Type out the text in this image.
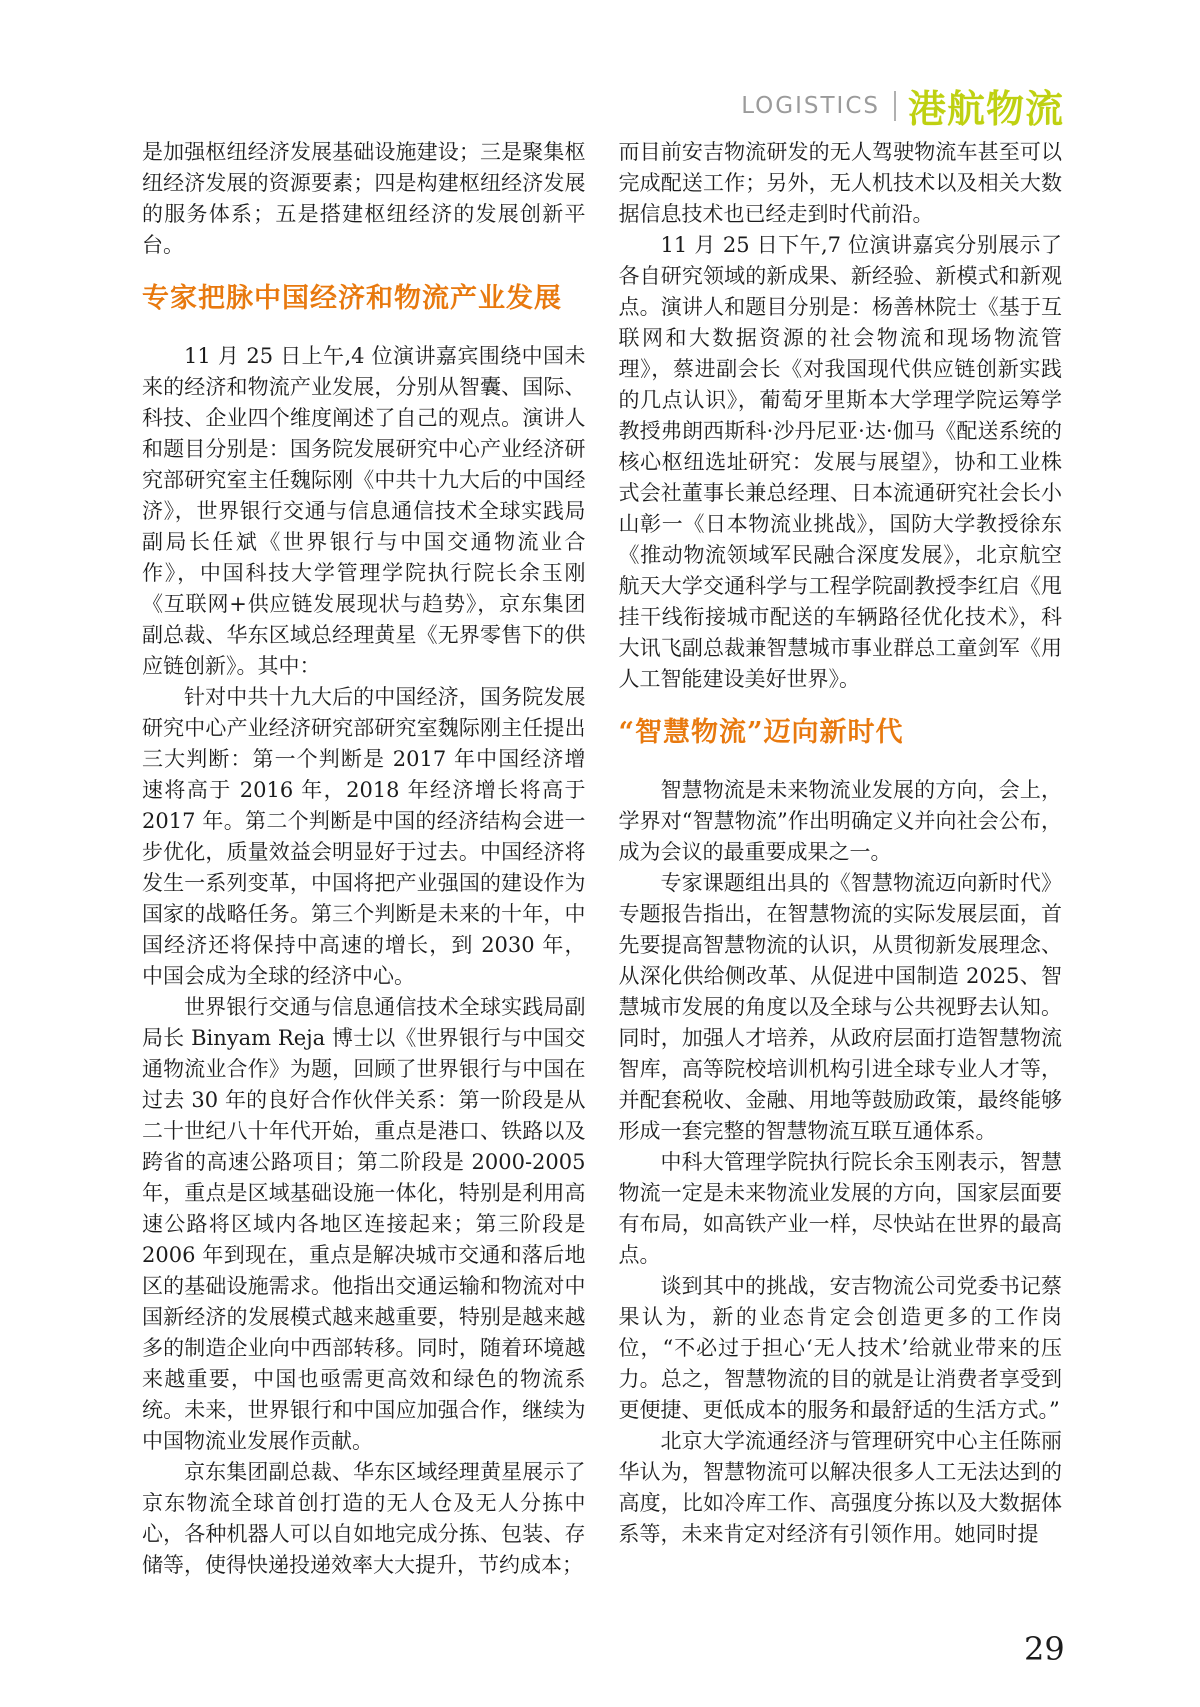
LOGISTICS 港航物流

是加强枢纽经济发展基础设施建设；三是聚集枢纽经济发展的资源要素；四是构建枢纽经济发展的服务体系；五是搭建枢纽经济的发展创新平台。

专家把脉中国经济和物流产业发展

11 月 25 日上午,4 位演讲嘉宾围绕中国未来的经济和物流产业发展，分别从智囊、国际、科技、企业四个维度阐述了自己的观点。演讲人和题目分别是：国务院发展研究中心产业经济研究部研究室主任魏际刚《中共十九大后的中国经济》，世界银行交通与信息通信技术全球实践局副局长任斌《世界银行与中国交通物流业合作》，中国科技大学管理学院执行院长余玉刚《互联网+供应链发展现状与趋势》，京东集团副总裁、华东区域总经理黄星《无界零售下的供应链创新》。其中：

针对中共十九大后的中国经济，国务院发展研究中心产业经济研究部研究室魏际刚主任提出三大判断：第一个判断是 2017 年中国经济增速将高于 2016 年，2018 年经济增长将高于 2017 年。第二个判断是中国的经济结构会进一步优化，质量效益会明显好于过去。中国经济将发生一系列变革，中国将把产业强国的建设作为国家的战略任务。第三个判断是未来的十年，中国经济还将保持中高速的增长，到 2030 年，中国会成为全球的经济中心。

世界银行交通与信息通信技术全球实践局副局长 Binyam Reja 博士以《世界银行与中国交通物流业合作》为题，回顾了世界银行与中国在过去 30 年的良好合作伙伴关系：第一阶段是从二十世纪八十年代开始，重点是港口、铁路以及跨省的高速公路项目；第二阶段是 2000-2005 年，重点是区域基础设施一体化，特别是利用高速公路将区域内各地区连接起来；第三阶段是 2006 年到现在，重点是解决城市交通和落后地区的基础设施需求。他指出交通运输和物流对中国新经济的发展模式越来越重要，特别是越来越多的制造企业向中西部转移。同时，随着环境越来越重要，中国也亟需更高效和绿色的物流系统。未来，世界银行和中国应加强合作，继续为中国物流业发展作贡献。

京东集团副总裁、华东区域经理黄星展示了京东物流全球首创打造的无人仓及无人分拣中心，各种机器人可以自如地完成分拣、包装、存储等，使得快递投递效率大大提升，节约成本；

而目前安吉物流研发的无人驾驶物流车甚至可以完成配送工作；另外，无人机技术以及相关大数据信息技术也已经走到时代前沿。

11 月 25 日下午,7 位演讲嘉宾分别展示了各自研究领域的新成果、新经验、新模式和新观点。演讲人和题目分别是：杨善林院士《基于互联网和大数据资源的社会物流和现场物流管理》，蔡进副会长《对我国现代供应链创新实践的几点认识》，葡萄牙里斯本大学理学院运筹学教授弗朗西斯科·沙丹尼亚·达·伽马《配送系统的核心枢纽选址研究：发展与展望》，协和工业株式会社董事长兼总经理、日本流通研究社会长小山彰一《日本物流业挑战》，国防大学教授徐东《推动物流领域军民融合深度发展》，北京航空航天大学交通科学与工程学院副教授李红启《甩挂干线衔接城市配送的车辆路径优化技术》，科大讯飞副总裁兼智慧城市事业群总工童剑军《用人工智能建设美好世界》。

“智慧物流”迈向新时代

智慧物流是未来物流业发展的方向，会上，学界对“智慧物流”作出明确定义并向社会公布，成为会议的最重要成果之一。

专家课题组出具的《智慧物流迈向新时代》专题报告指出，在智慧物流的实际发展层面，首先要提高智慧物流的认识，从贯彻新发展理念、从深化供给侧改革、从促进中国制造 2025、智慧城市发展的角度以及全球与公共视野去认知。同时，加强人才培养，从政府层面打造智慧物流智库，高等院校培训机构引进全球专业人才等，并配套税收、金融、用地等鼓励政策，最终能够形成一套完整的智慧物流互联互通体系。

中科大管理学院执行院长余玉刚表示，智慧物流一定是未来物流业发展的方向，国家层面要有布局，如高铁产业一样，尽快站在世界的最高点。

谈到其中的挑战，安吉物流公司党委书记蔡果认为，新的业态肯定会创造更多的工作岗位，“不必过于担心‘无人技术’给就业带来的压力。总之，智慧物流的目的就是让消费者享受到更便捷、更低成本的服务和最舒适的生活方式。”

北京大学流通经济与管理研究中心主任陈丽华认为，智慧物流可以解决很多人工无法达到的高度，比如冷库工作、高强度分拣以及大数据体系等，未来肯定对经济有引领作用。她同时提

29
